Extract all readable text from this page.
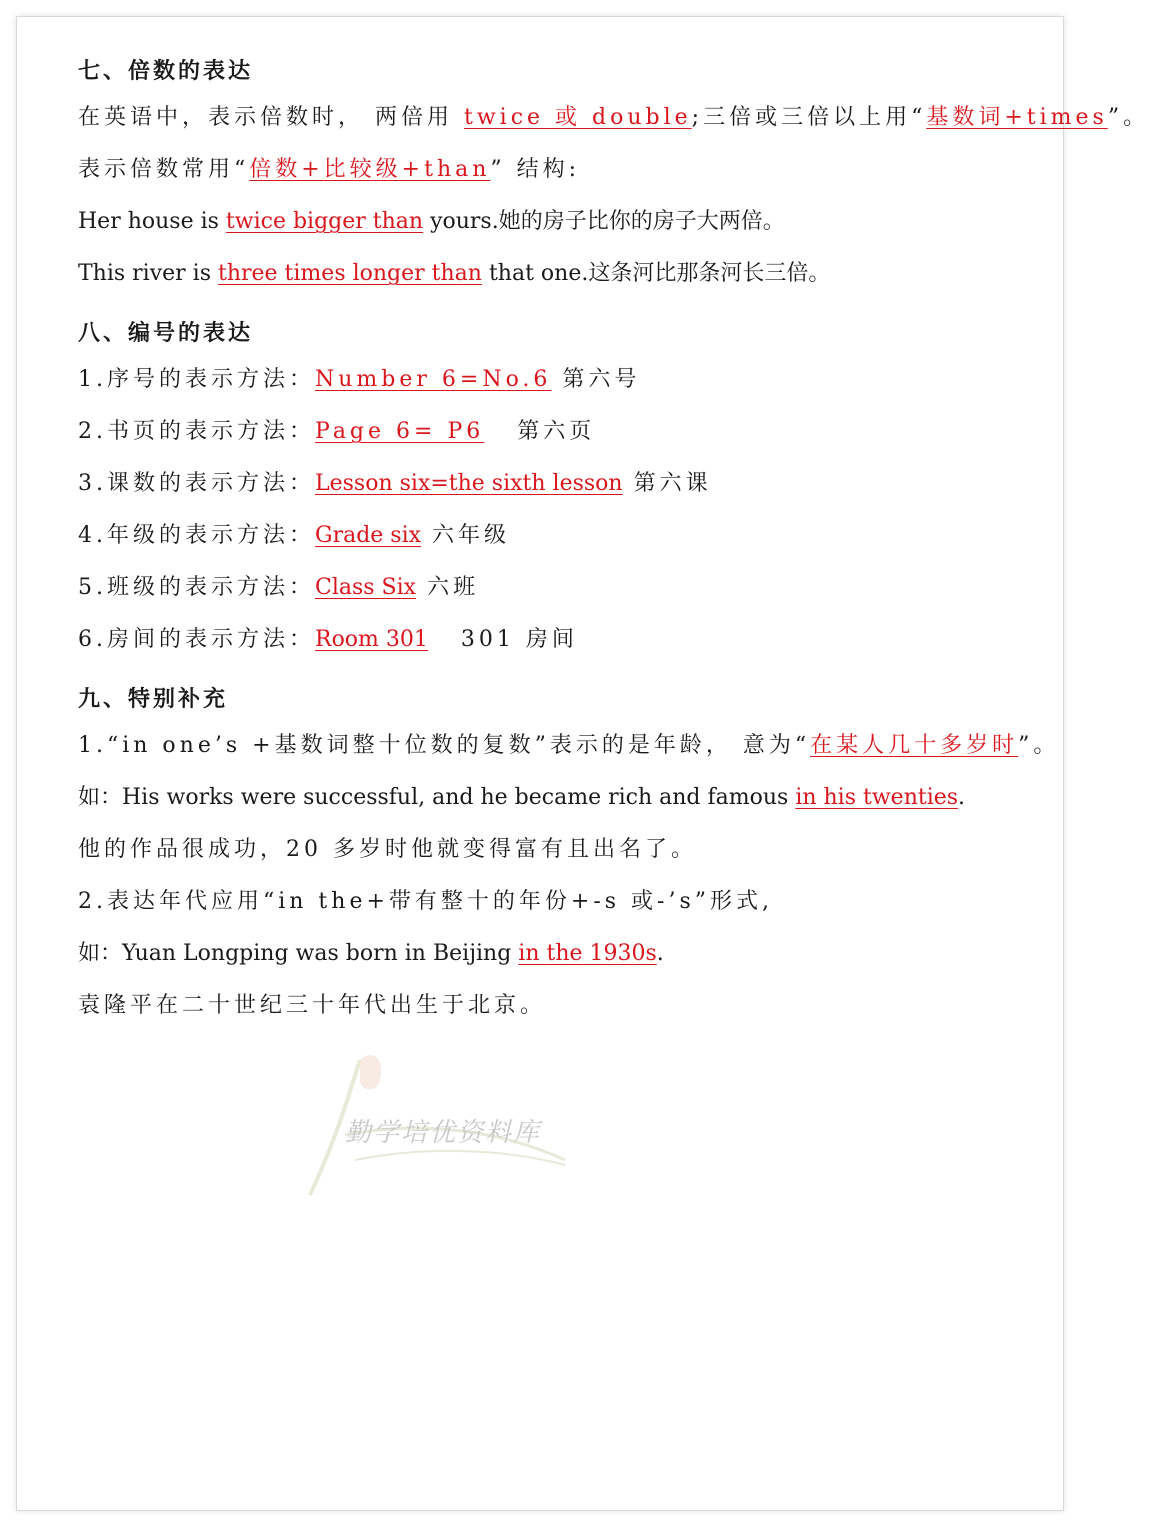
七、倍数的表达
在英语中，表示倍数时， 两倍用 twice 或 double;三倍或三倍以上用“基数词+times”。
表示倍数常用“倍数+比较级+than” 结构:
Her house is twice bigger than yours.她的房子比你的房子大两倍。
This river is three times longer than that one.这条河比那条河长三倍。
八、编号的表达
1.序号的表示方法：Number 6=No.6 第六号
2.书页的表示方法：Page 6= P6   第六页
3.课数的表示方法：Lesson six=the sixth lesson 第六课
4.年级的表示方法：Grade six 六年级
5.班级的表示方法：Class Six 六班
6.房间的表示方法：Room 301   301 房间
九、特别补充
1.“in one’s +基数词整十位数的复数”表示的是年龄， 意为“在某人几十多岁时”。
如：His works were successful, and he became rich and famous in his twenties.
他的作品很成功，20 多岁时他就变得富有且出名了。
2.表达年代应用“in the+带有整十的年份+-s 或-’s”形式,
如：Yuan Longping was born in Beijing in the 1930s.
袁隆平在二十世纪三十年代出生于北京。
勤学培优资料库
